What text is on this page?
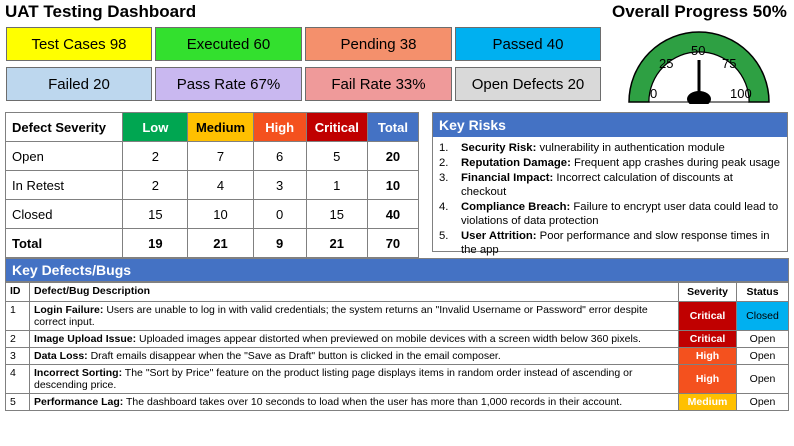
UAT Testing Dashboard	Overall Progress 50%
Test Cases 98	Executed 60	Pending 38	Passed 40
Failed 20	Pass Rate 67%	Fail Rate 33%	Open Defects 20
0
25
50
75
100
Defect Severity	Low	Medium	High	Critical	Total
Open	2	7	6	5	20
In Retest	2	4	3	1	10
Closed	15	10	0	15	40
Total	19	21	9	21	70
Key Risks
1.	Security Risk: vulnerability in authentication module
2.	Reputation Damage: Frequent app crashes during peak usage
3.	Financial Impact: Incorrect calculation of discounts at checkout
4.	Compliance Breach: Failure to encrypt user data could lead to violations of data protection
5.	User Attrition: Poor performance and slow response times in the app
Key Defects/Bugs
ID	Defect/Bug Description	Severity	Status
1	Login Failure: Users are unable to log in with valid credentials; the system returns an "Invalid Username or Password" error despite correct input.	Critical	Closed
2	Image Upload Issue: Uploaded images appear distorted when previewed on mobile devices with a screen width below 360 pixels.	Critical	Open
3	Data Loss: Draft emails disappear when the "Save as Draft" button is clicked in the email composer.	High	Open
4	Incorrect Sorting: The "Sort by Price" feature on the product listing page displays items in random order instead of ascending or descending price.	High	Open
5	Performance Lag: The dashboard takes over 10 seconds to load when the user has more than 1,000 records in their account.	Medium	Open
